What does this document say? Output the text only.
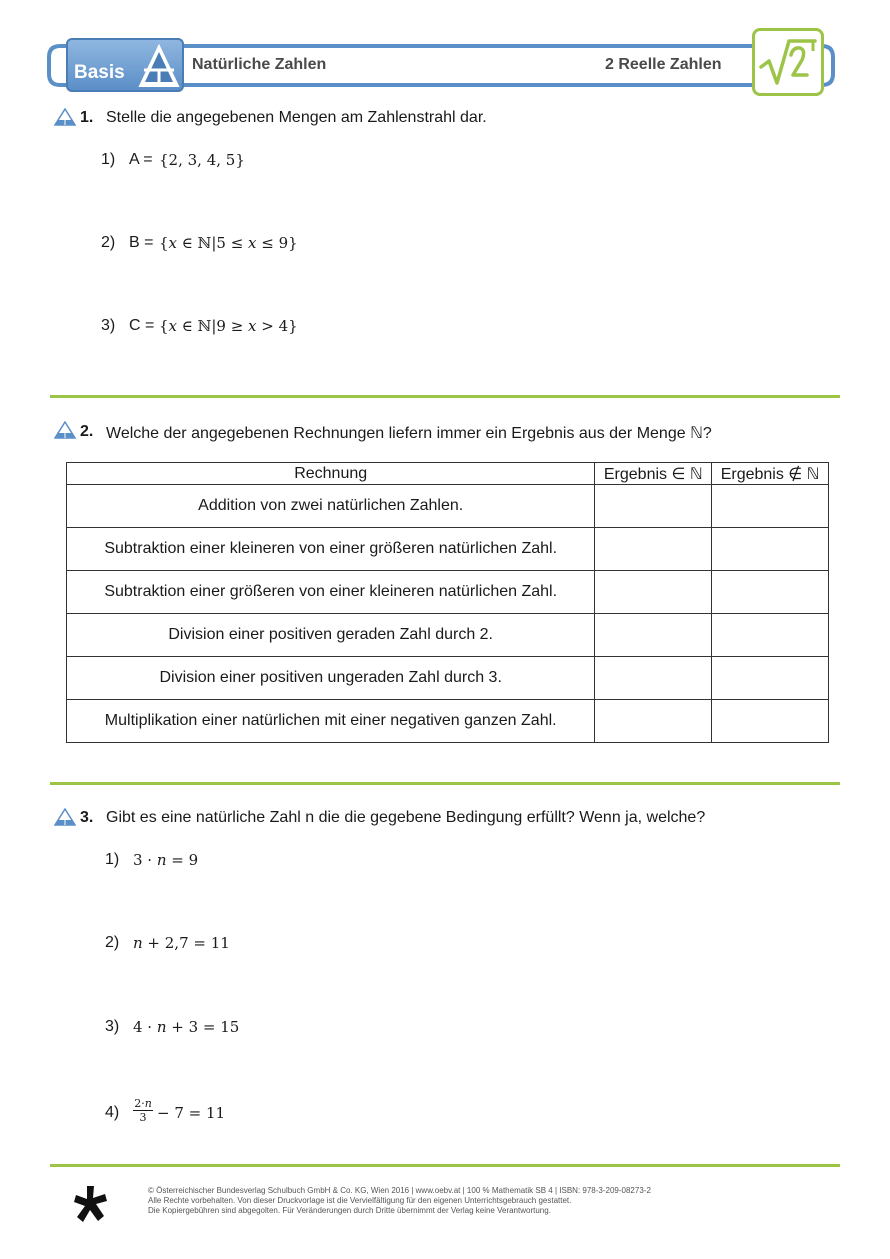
Basis	Natürliche Zahlen	2 Reelle Zahlen
1. Stelle die angegebenen Mengen am Zahlenstrahl dar.
1) A = {2, 3, 4, 5}
2) B = {𝑥 ∈ ℕ|5 ≤ 𝑥 ≤ 9}
3) C = {𝑥 ∈ ℕ|9 ≥ 𝑥 > 4}
2. Welche der angegebenen Rechnungen liefern immer ein Ergebnis aus der Menge ℕ?
Rechnung	Ergebnis ∈ ℕ	Ergebnis ∉ ℕ
Addition von zwei natürlichen Zahlen.		
Subtraktion einer kleineren von einer größeren natürlichen Zahl.		
Subtraktion einer größeren von einer kleineren natürlichen Zahl.		
Division einer positiven geraden Zahl durch 2.		
Division einer positiven ungeraden Zahl durch 3.		
Multiplikation einer natürlichen mit einer negativen ganzen Zahl.		
3. Gibt es eine natürliche Zahl n die die gegebene Bedingung erfüllt? Wenn ja, welche?
1) 3 · 𝑛 = 9
2) 𝑛 + 2,7 = 11
3) 4 · 𝑛 + 3 = 15
4)
2·𝑛
3 − 7 = 11
© Österreichischer Bundesverlag Schulbuch GmbH & Co. KG, Wien 2016 | www.oebv.at | 100 % Mathematik SB 4 | ISBN: 978-3-209-08273-2
Alle Rechte vorbehalten. Von dieser Druckvorlage ist die Vervielfältigung für den eigenen Unterrichtsgebrauch gestattet.
Die Kopiergebühren sind abgegolten. Für Veränderungen durch Dritte übernimmt der Verlag keine Verantwortung.
